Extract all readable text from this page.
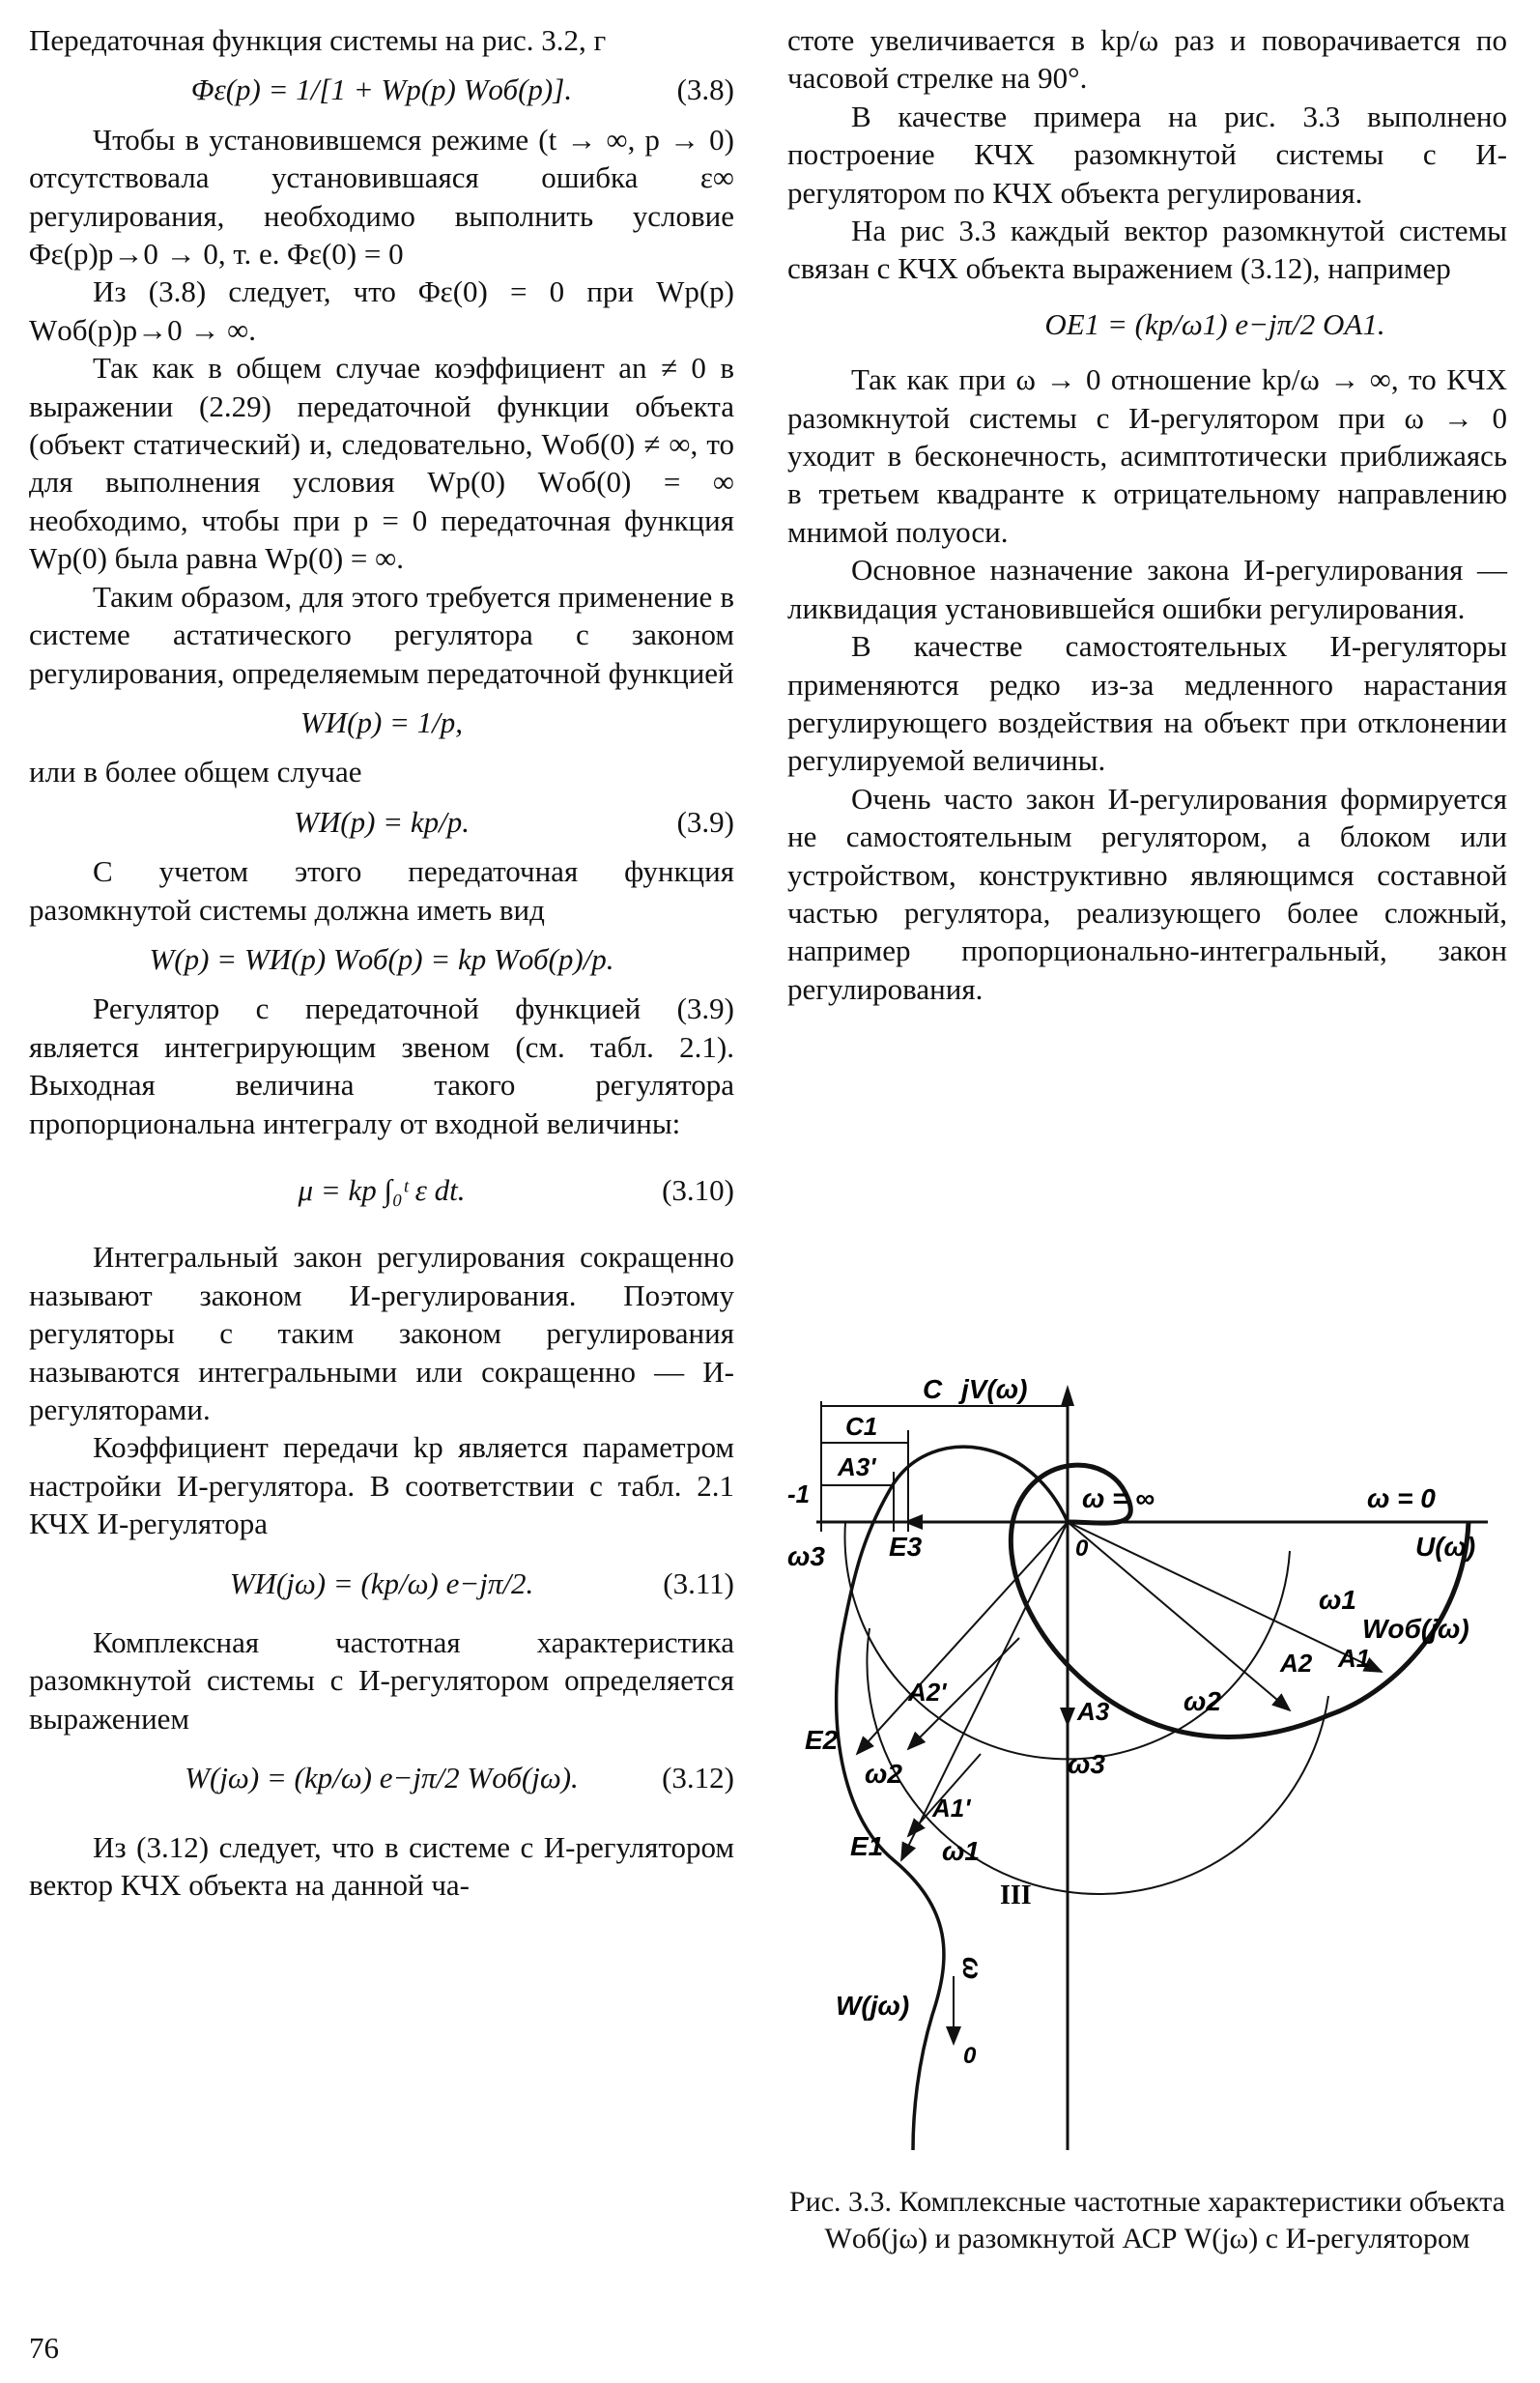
Передаточная функция системы на рис. 3.2, г

Φε(p) = 1/[1 + Wр(p) Wоб(p)].	(3.8)

Чтобы в установившемся режиме (t → ∞, p → 0) отсутствовала установившаяся ошибка ε∞ регулирования, необходимо выполнить условие Φε(p)p→0 → 0, т. е. Φε(0) = 0

Из (3.8) следует, что Φε(0) = 0 при Wр(p) Wоб(p)p→0 → ∞.

Так как в общем случае коэффициент an ≠ 0 в выражении (2.29) передаточной функции объекта (объект статический) и, следовательно, Wоб(0) ≠ ∞, то для выполнения условия Wр(0) Wоб(0) = ∞ необходимо, чтобы при p = 0 передаточная функция Wр(0) была равна Wр(0) = ∞.

Таким образом, для этого требуется применение в системе астатического регулятора с законом регулирования, определяемым передаточной функцией

WИ(p) = 1/p,

или в более общем случае

WИ(p) = kр/p.	(3.9)

С учетом этого передаточная функция разомкнутой системы должна иметь вид

W(p) = WИ(p) Wоб(p) = kр Wоб(p)/p.

Регулятор с передаточной функцией (3.9) является интегрирующим звеном (см. табл. 2.1). Выходная величина такого регулятора пропорциональна интегралу от входной величины:

μ = kр ∫₀ᵗ ε dt.	(3.10)

Интегральный закон регулирования сокращенно называют законом И-регулирования. Поэтому регуляторы с таким законом регулирования называются интегральными или сокращенно — И-регуляторами.

Коэффициент передачи kр является параметром настройки И-регулятора. В соответствии с табл. 2.1 КЧХ И-регулятора

WИ(jω) = (kр/ω) e−jπ/2.	(3.11)

Комплексная частотная характеристика разомкнутой системы с И-регулятором определяется выражением

W(jω) = (kр/ω) e−jπ/2 Wоб(jω).	(3.12)

Из (3.12) следует, что в системе с И-регулятором вектор КЧХ объекта на данной ча-

стоте увеличивается в kр/ω раз и поворачивается по часовой стрелке на 90°.

В качестве примера на рис. 3.3 выполнено построение КЧХ разомкнутой системы с И-регулятором по КЧХ объекта регулирования.

На рис 3.3 каждый вектор разомкнутой системы связан с КЧХ объекта выражением (3.12), например

OE1 = (kр/ω1) e−jπ/2 OA1.

Так как при ω → 0 отношение kр/ω → ∞, то КЧХ разомкнутой системы с И-регулятором при ω → 0 уходит в бесконечность, асимптотически приближаясь в третьем квадранте к отрицательному направлению мнимой полуоси.

Основное назначение закона И-регулирования — ликвидация установившейся ошибки регулирования.

В качестве самостоятельных И-регуляторы применяются редко из-за медленного нарастания регулирующего воздействия на объект при отклонении регулируемой величины.

Очень часто закон И-регулирования формируется не самостоятельным регулятором, а блоком или устройством, конструктивно являющимся составной частью регулятора, реализующего более сложный, например пропорционально-интегральный, закон регулирования.

C
C1
-1
A3'
jV(ω)
ω = ∞	ω = 0
U(ω)
ω3 E3	0
ω1
Wоб(jω)
A2 A1
A3	ω2
A2'
E2
ω2	ω3
A1'
E1 ω1
III
ω
W(jω)
0
Рис. 3.3. Комплексные частотные характеристики объекта Wоб(jω) и разомкнутой АСР W(jω) с И-регулятором
76
